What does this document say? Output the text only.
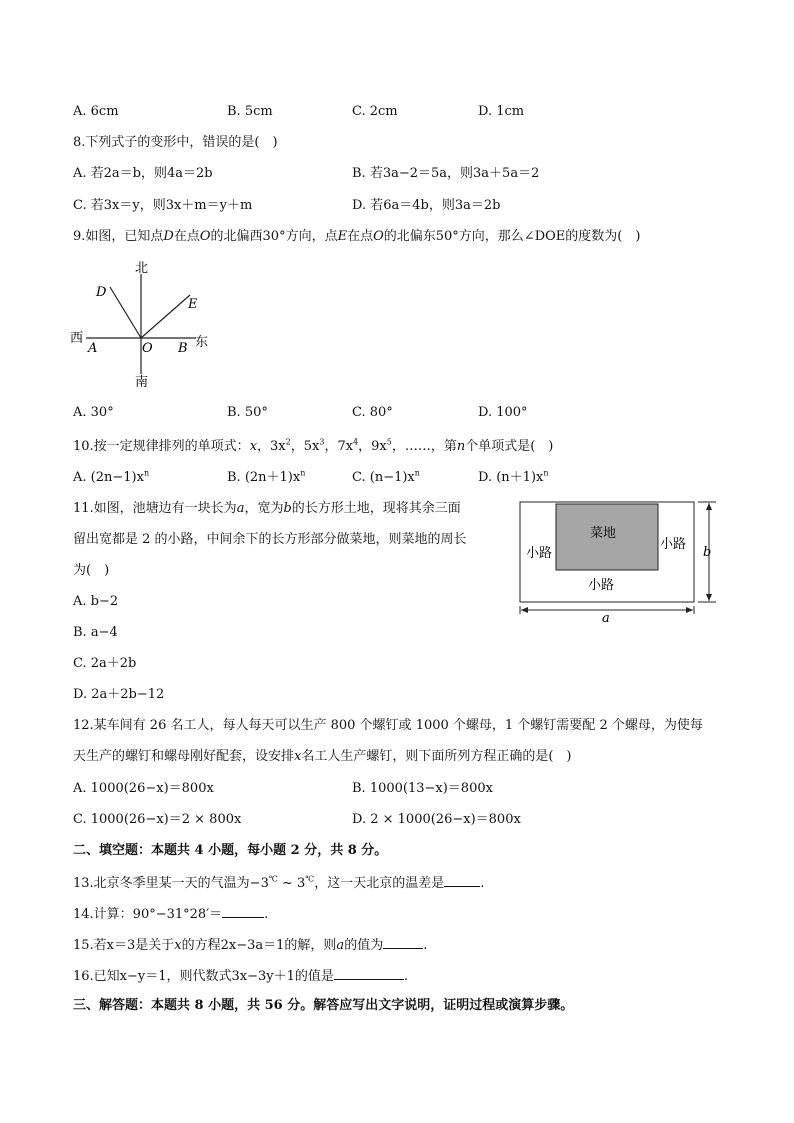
A. 6cm	B. 5cm	C. 2cm	D. 1cm
8.下列式子的变形中，错误的是(　)
A. 若2a＝b，则4a＝2b	B. 若3a−2＝5a，则3a＋5a＝2
C. 若3x＝y，则3x＋m＝y＋m	D. 若6a＝4b，则3a＝2b
9.如图，已知点D在点O的北偏西30°方向，点E在点O的北偏东50°方向，那么∠DOE的度数为(　)
北
南
西	东
D
E
A	O B
A. 30°	B. 50°	C. 80°	D. 100°
10.按一定规律排列的单项式：x，$3x^2$，$5x^3$，$7x^4$，$9x^5$，……，第n个单项式是(　)
A. $(2n-1)x^n$	B. $(2n+1)x^n$	C. $(n-1)x^n$	D. $(n+1)x^n$
11.如图，池塘边有一块长为a，宽为b的长方形土地，现将其余三面
留出宽都是 2 的小路，中间余下的长方形部分做菜地，则菜地的周长
为(　)
A. b−2
B. a−4
C. 2a＋2b
D. 2a＋2b−12
菜地
小路
小路
小路
a
b
12.某车间有 26 名工人，每人每天可以生产 800 个螺钉或 1000 个螺母，1 个螺钉需要配 2 个螺母，为使每
天生产的螺钉和螺母刚好配套，设安排x名工人生产螺钉，则下面所列方程正确的是(　)
A. 1000(26−x)＝800x	B. 1000(13−x)＝800x
C. 1000(26−x)＝2 × 800x	D. 2 × 1000(26−x)＝800x
二、填空题：本题共 4 小题，每小题 2 分，共 8 分。
13.北京冬季里某一天的气温为−3℃ ~ 3℃，这一天北京的温差是	.
14.计算：90°−31°28′＝	.
15.若x＝3是关于x的方程2x−3a＝1的解，则a的值为	.
16.已知x−y＝1，则代数式3x−3y＋1的值是	.
三、解答题：本题共 8 小题，共 56 分。解答应写出文字说明，证明过程或演算步骤。
